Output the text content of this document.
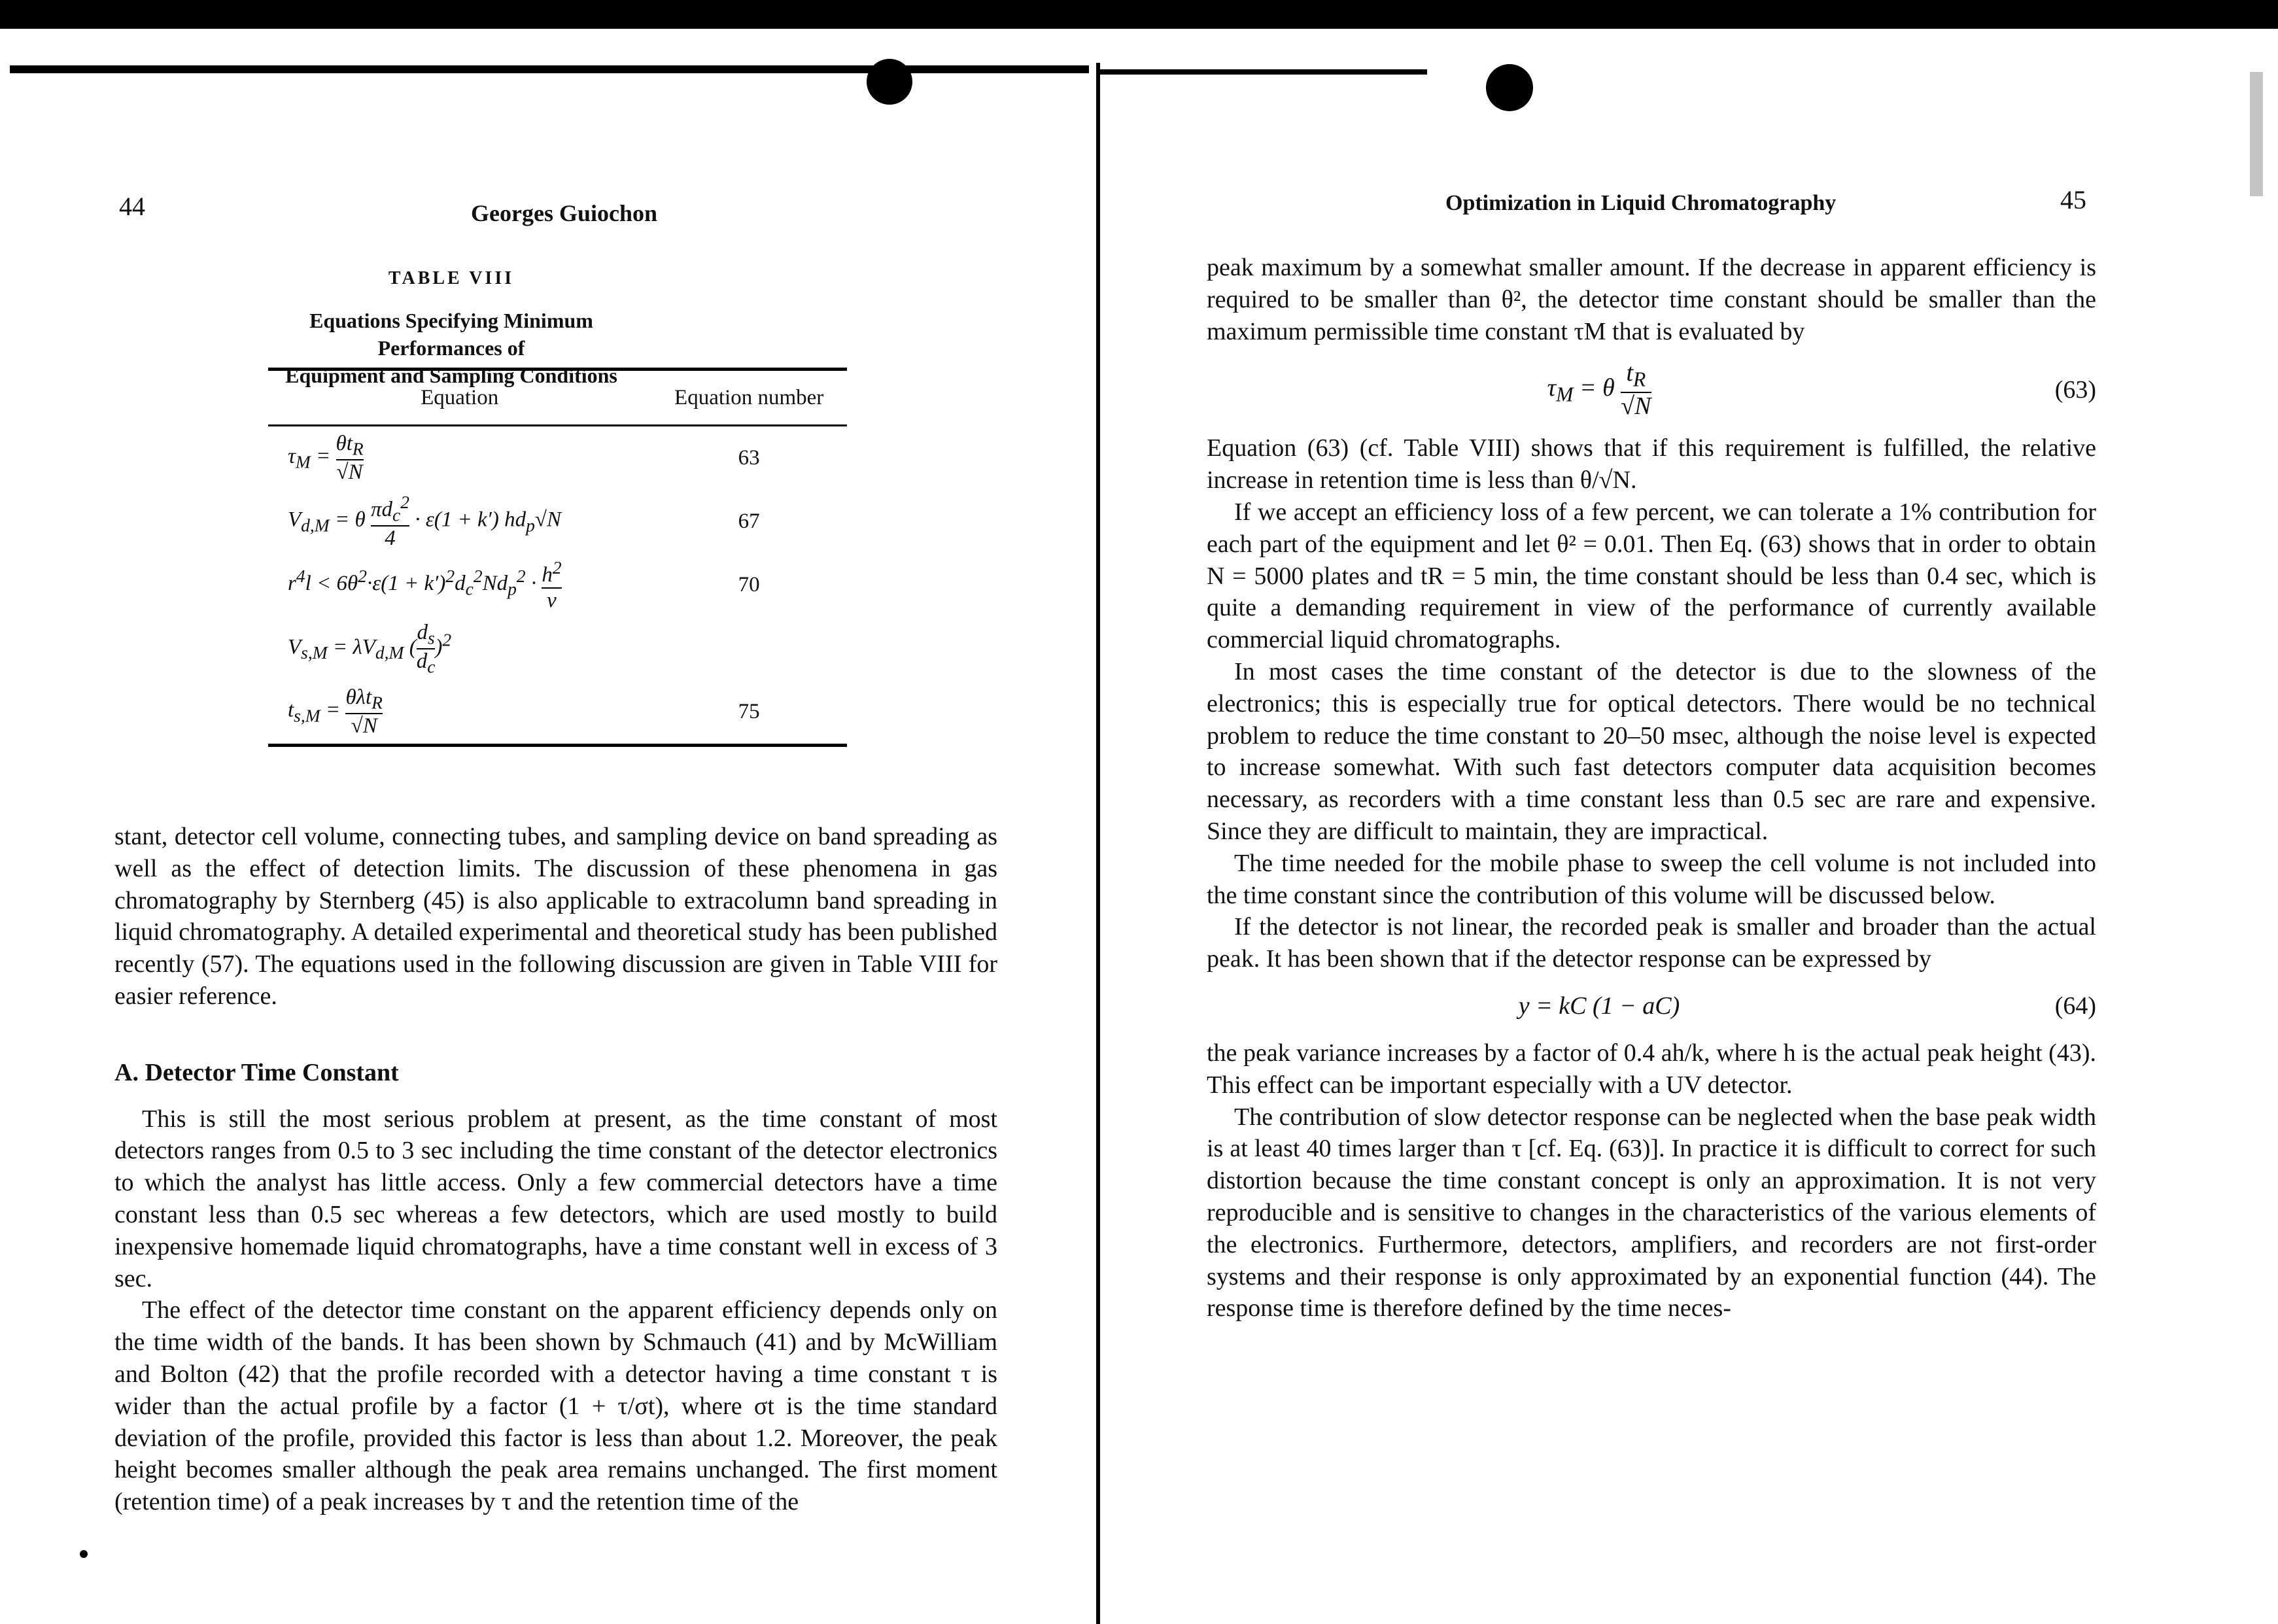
44	Georges Guiochon
TABLE VIII
Equations Specifying Minimum Performances of
Equipment and Sampling Conditions
Equation	Equation number
$\tau_M = \frac{\theta t_R}{√N}$	63
$V_{d,M} = \theta \frac{\pi d_c^2}{4} \cdot \varepsilon(1 + k')$ $hd_p√N$	67
$r^4l < 6\theta^2\cdot\varepsilon(1 + k')^2d_c^2Nd_p^2 \cdot \frac{h^2}{\nu}$	70
$V_{s,M} = \lambda V_{d,M}$ ( $\frac{d_s}{d_c} )^2$	
$t_{s,M} = \frac{\theta\lambda t_R}{√N}$	75

stant, detector cell volume, connecting tubes, and sampling device on band spreading as well as the effect of detection limits. The discussion of these phenomena in gas chromatography by Sternberg (45) is also applicable to extracolumn band spreading in liquid chromatography. A detailed experimental and theoretical study has been published recently (57). The equations used in the following discussion are given in Table VIII for easier reference.

A. Detector Time Constant

This is still the most serious problem at present, as the time constant of most detectors ranges from 0.5 to 3 sec including the time constant of the detector electronics to which the analyst has little access. Only a few commercial detectors have a time constant less than 0.5 sec whereas a few detectors, which are used mostly to build inexpensive homemade liquid chromatographs, have a time constant well in excess of 3 sec.

The effect of the detector time constant on the apparent efficiency depends only on the time width of the bands. It has been shown by Schmauch (41) and by McWilliam and Bolton (42) that the profile recorded with a detector having a time constant τ is wider than the actual profile by a factor (1 + τ/σt), where σt is the time standard deviation of the profile, provided this factor is less than about 1.2. Moreover, the peak height becomes smaller although the peak area remains unchanged. The first moment (retention time) of a peak increases by τ and the retention time of the

Optimization in Liquid Chromatography	45

peak maximum by a somewhat smaller amount. If the decrease in apparent efficiency is required to be smaller than θ², the detector time constant should be smaller than the maximum permissible time constant τM that is evaluated by

$\tau_M = \theta \frac{t_R}{√N}$	(63)

Equation (63) (cf. Table VIII) shows that if this requirement is fulfilled, the relative increase in retention time is less than θ/√N.

If we accept an efficiency loss of a few percent, we can tolerate a 1% contribution for each part of the equipment and let θ² = 0.01. Then Eq. (63) shows that in order to obtain N = 5000 plates and tR = 5 min, the time constant should be less than 0.4 sec, which is quite a demanding requirement in view of the performance of currently available commercial liquid chromatographs.

In most cases the time constant of the detector is due to the slowness of the electronics; this is especially true for optical detectors. There would be no technical problem to reduce the time constant to 20–50 msec, although the noise level is expected to increase somewhat. With such fast detectors computer data acquisition becomes necessary, as recorders with a time constant less than 0.5 sec are rare and expensive. Since they are difficult to maintain, they are impractical.

The time needed for the mobile phase to sweep the cell volume is not included into the time constant since the contribution of this volume will be discussed below.

If the detector is not linear, the recorded peak is smaller and broader than the actual peak. It has been shown that if the detector response can be expressed by

y = kC (1 − aC)	(64)

the peak variance increases by a factor of 0.4 ah/k, where h is the actual peak height (43). This effect can be important especially with a UV detector.

The contribution of slow detector response can be neglected when the base peak width is at least 40 times larger than τ [cf. Eq. (63)]. In practice it is difficult to correct for such distortion because the time constant concept is only an approximation. It is not very reproducible and is sensitive to changes in the characteristics of the various elements of the electronics. Furthermore, detectors, amplifiers, and recorders are not first-order systems and their response is only approximated by an exponential function (44). The response time is therefore defined by the time neces-
